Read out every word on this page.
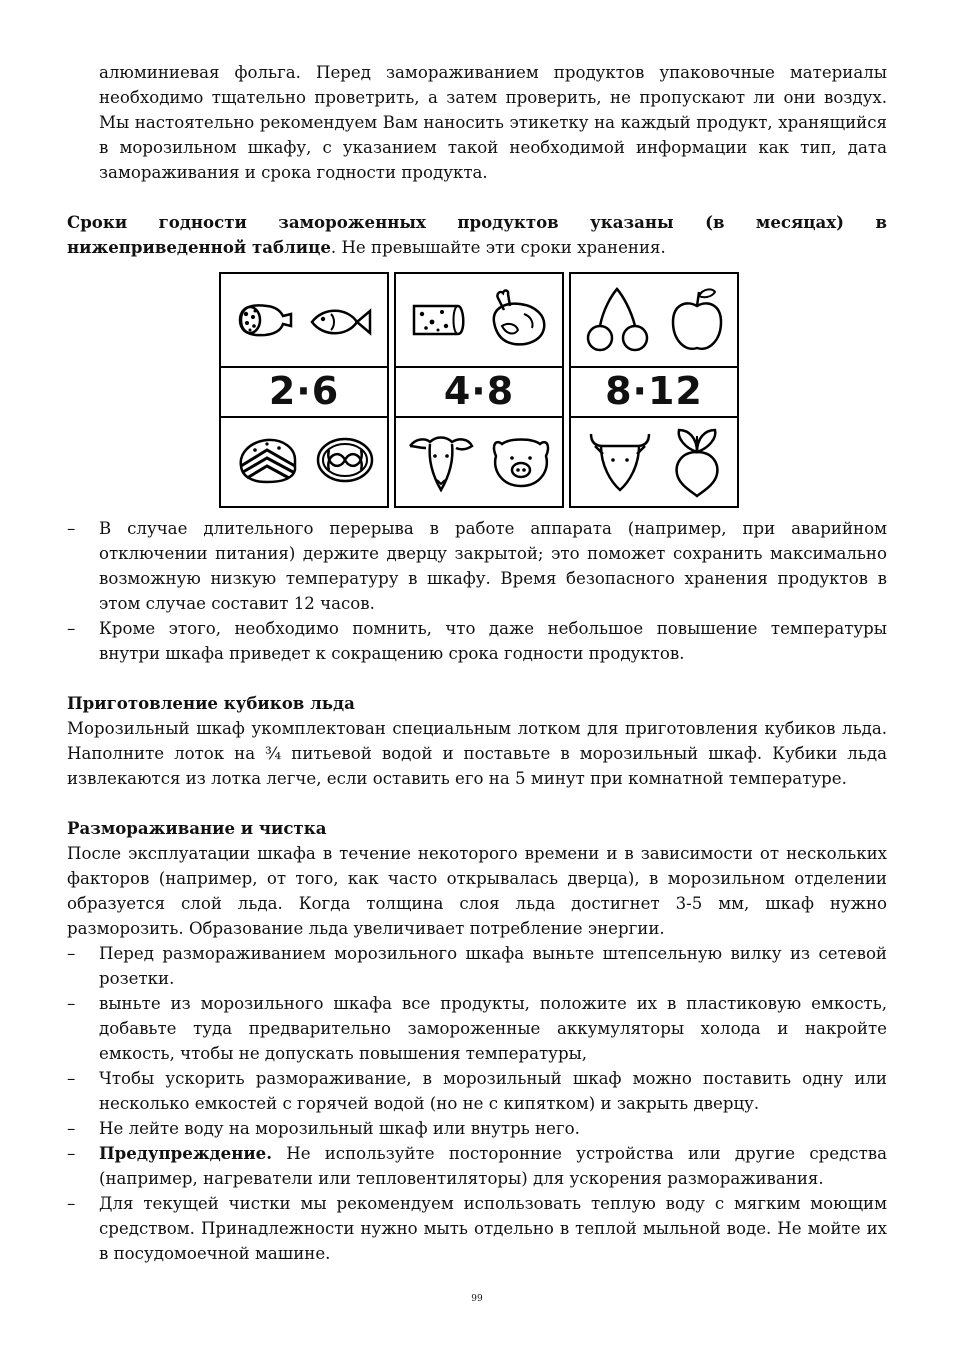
алюминиевая фольга. Перед замораживанием продуктов упаковочные материалы необходимо тщательно проветрить, а затем проверить, не пропускают ли они воздух. Мы настоятельно рекомендуем Вам наносить этикетку на каждый продукт, хранящийся в морозильном шкафу, с указанием такой необходимой информации как тип, дата замораживания и срока годности продукта.

Сроки годности замороженных продуктов указаны (в месяцах) в нижеприведенной таблице. Не превышайте эти сроки хранения.

2·6	4·8	8·12
– В случае длительного перерыва в работе аппарата (например, при аварийном отключении питания) держите дверцу закрытой; это поможет сохранить максимально возможную низкую температуру в шкафу. Время безопасного хранения продуктов в этом случае составит 12 часов.
– Кроме этого, необходимо помнить, что даже небольшое повышение температуры внутри шкафа приведет к сокращению срока годности продуктов.

Приготовление кубиков льда

Морозильный шкаф укомплектован специальным лотком для приготовления кубиков льда. Наполните лоток на ¾ питьевой водой и поставьте в морозильный шкаф. Кубики льда извлекаются из лотка легче, если оставить его на 5 минут при комнатной температуре.

Размораживание и чистка

После эксплуатации шкафа в течение некоторого времени и в зависимости от нескольких факторов (например, от того, как часто открывалась дверца), в морозильном отделении образуется слой льда. Когда толщина слоя льда достигнет 3-5 мм, шкаф нужно разморозить. Образование льда увеличивает потребление энергии.

– Перед размораживанием морозильного шкафа выньте штепсельную вилку из сетевой розетки.
– выньте из морозильного шкафа все продукты, положите их в пластиковую емкость, добавьте туда предварительно замороженные аккумуляторы холода и накройте емкость, чтобы не допускать повышения температуры,
– Чтобы ускорить размораживание, в морозильный шкаф можно поставить одну или несколько емкостей с горячей водой (но не с кипятком) и закрыть дверцу.
– Не лейте воду на морозильный шкаф или внутрь него.
– Предупреждение. Не используйте посторонние устройства или другие средства (например, нагреватели или тепловентиляторы) для ускорения размораживания.
– Для текущей чистки мы рекомендуем использовать теплую воду с мягким моющим средством. Принадлежности нужно мыть отдельно в теплой мыльной воде. Не мойте их в посудомоечной машине.
99
